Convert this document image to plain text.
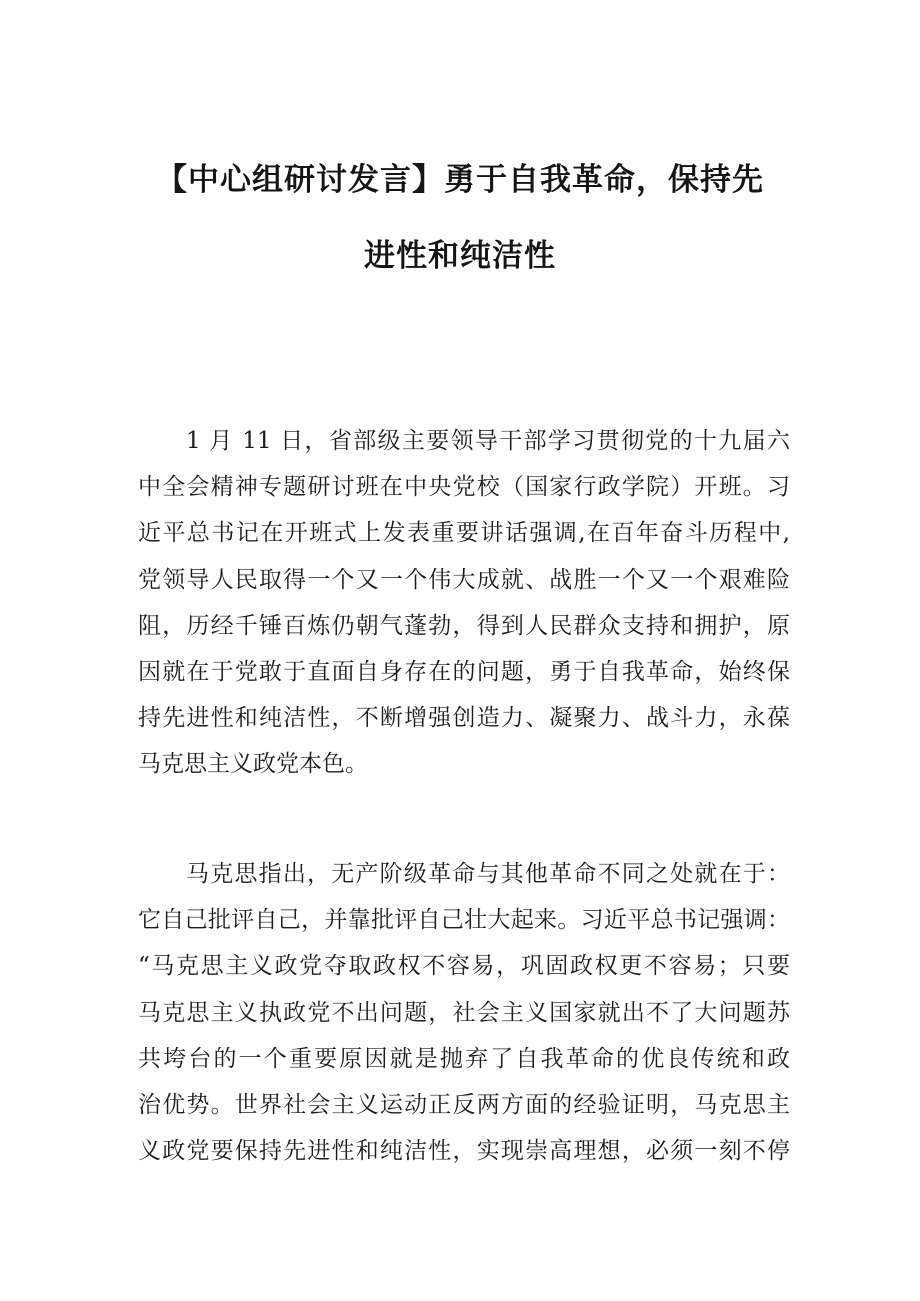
【中心组研讨发言】勇于自我革命，保持先
进性和纯洁性
1 月 11 日，省部级主要领导干部学习贯彻党的十九届六
中全会精神专题研讨班在中央党校（国家行政学院）开班。习
近平总书记在开班式上发表重要讲话强调,在百年奋斗历程中,
党领导人民取得一个又一个伟大成就、战胜一个又一个艰难险
阻，历经千锤百炼仍朝气蓬勃，得到人民群众支持和拥护，原
因就在于党敢于直面自身存在的问题，勇于自我革命，始终保
持先进性和纯洁性，不断增强创造力、凝聚力、战斗力，永葆
马克思主义政党本色。
马克思指出，无产阶级革命与其他革命不同之处就在于：
它自己批评自己，并靠批评自己壮大起来。习近平总书记强调：
“马克思主义政党夺取政权不容易，巩固政权更不容易；只要
马克思主义执政党不出问题，社会主义国家就出不了大问题苏
共垮台的一个重要原因就是抛弃了自我革命的优良传统和政
治优势。世界社会主义运动正反两方面的经验证明，马克思主
义政党要保持先进性和纯洁性，实现崇高理想，必须一刻不停
